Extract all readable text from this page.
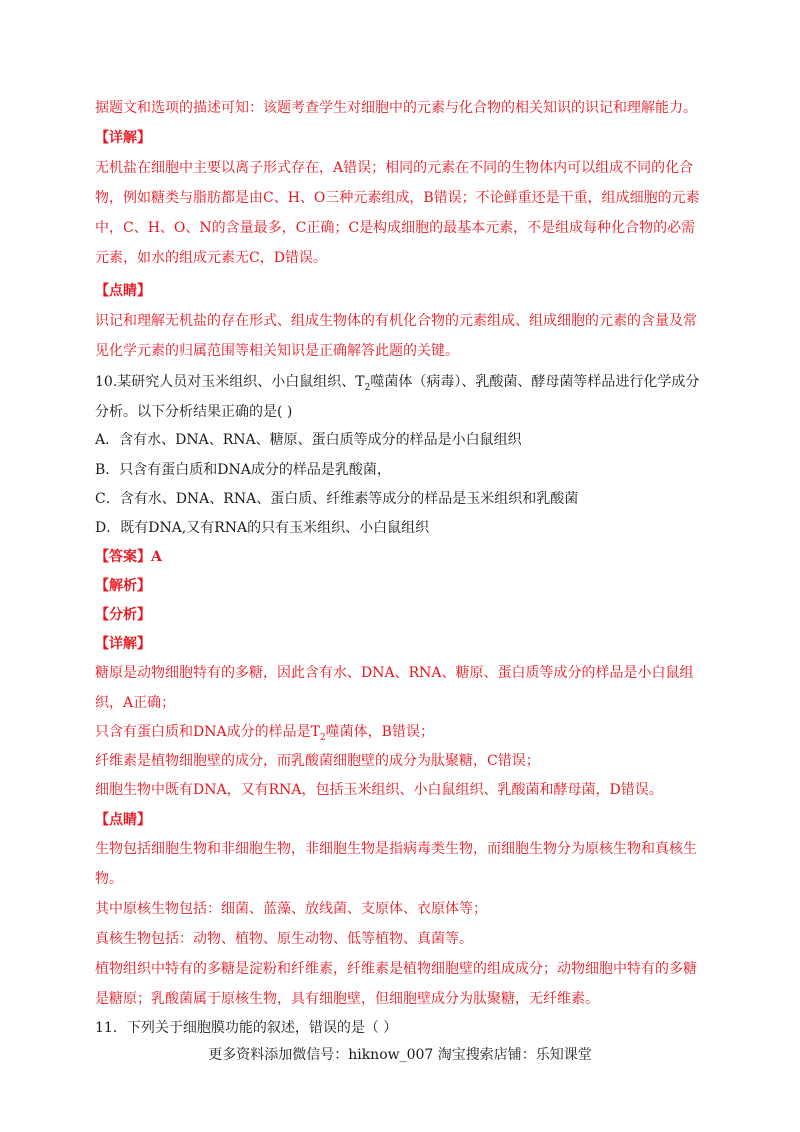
据题文和选项的描述可知：该题考查学生对细胞中的元素与化合物的相关知识的识记和理解能力。

【详解】

无机盐在细胞中主要以离子形式存在，A错误；相同的元素在不同的生物体内可以组成不同的化合物，例如糖类与脂肪都是由C、H、O三种元素组成，B错误；不论鲜重还是干重，组成细胞的元素中，C、H、O、N的含量最多，C正确；C是构成细胞的最基本元素，不是组成每种化合物的必需元素，如水的组成元素无C，D错误。

【点睛】

识记和理解无机盐的存在形式、组成生物体的有机化合物的元素组成、组成细胞的元素的含量及常见化学元素的归属范围等相关知识是正确解答此题的关键。

10.某研究人员对玉米组织、小白鼠组织、$T_2$噬菌体（病毒）、乳酸菌、酵母菌等样品进行化学成分分析。以下分析结果正确的是( )

A．含有水、DNA、RNA、糖原、蛋白质等成分的样品是小白鼠组织

B．只含有蛋白质和DNA成分的样品是乳酸菌，

C．含有水、DNA、RNA、蛋白质、纤维素等成分的样品是玉米组织和乳酸菌

D．既有DNA,又有RNA的只有玉米组织、小白鼠组织

【答案】A

【解析】

【分析】

【详解】

糖原是动物细胞特有的多糖，因此含有水、DNA、RNA、糖原、蛋白质等成分的样品是小白鼠组织，A正确；

只含有蛋白质和DNA成分的样品是$T_2$噬菌体，B错误；

纤维素是植物细胞壁的成分，而乳酸菌细胞壁的成分为肽聚糖，C错误；

细胞生物中既有DNA，又有RNA，包括玉米组织、小白鼠组织、乳酸菌和酵母菌，D错误。

【点睛】

生物包括细胞生物和非细胞生物，非细胞生物是指病毒类生物，而细胞生物分为原核生物和真核生物。

其中原核生物包括：细菌、蓝藻、放线菌、支原体、衣原体等；

真核生物包括：动物、植物、原生动物、低等植物、真菌等。

植物组织中特有的多糖是淀粉和纤维素，纤维素是植物细胞壁的组成成分；动物细胞中特有的多糖是糖原；乳酸菌属于原核生物，具有细胞壁，但细胞壁成分为肽聚糖，无纤维素。

11．下列关于细胞膜功能的叙述，错误的是（ ）

更多资料添加微信号：hiknow_007 淘宝搜索店铺：乐知课堂
